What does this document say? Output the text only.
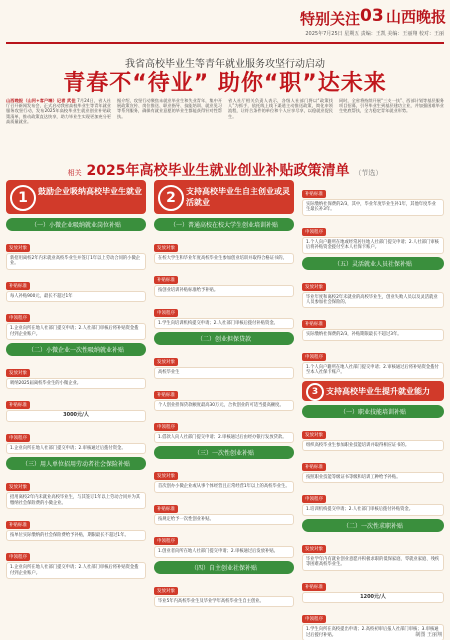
特别关注 03 山西晚报
2025年7月25日 星期五 责编：王凯 美编：王丽翔 校对：王丽
我省高校毕业生等青年就业服务攻坚行动启动
青春不“待业” 助你“职”达未来

山西晚报（山河+客户端）记者 武佳 7月24日，省人社厅召开新闻发布会，正式启动我省高校毕业生等青年就业服务攻坚行动，发布2025年高校毕业生就业创业补贴政策清单，推动政策直达快享，助力毕业生实现更加充分更高质量就业。

据介绍，攻坚行动聚焦未就业毕业生和失业青年，集中开展政策宣传、岗位推送、职业指导、技能培训、就业见习等系列服务，确保有就业意愿的毕业生都能获得针对性帮扶。

省人社厅相关负责人表示，各级人社部门将以“政策找人”为抓手，依托线上线下渠道主动推送政策，简化申领流程，让符合条件的单位和个人应享尽享，以稳就业促民生。

同时，全省将持续开展“三支一扶”、西部计划等基层服务项目招募，引导毕业生到基层建功立业，并加强困难毕业生兜底帮扶，全力稳定青年就业形势。

相关 2025年高校毕业生就业创业补贴政策清单 （节选）
1	鼓励企业吸纳高校毕业生就业
（一）小微企业吸纳就业岗位补贴
发放对象
新招用离校2年内未就业高校毕业生并签订1年以上劳动合同的小微企业。
补贴标准
每人补贴900元，最长不超过1年
申领程序
1.企业向所在地人社部门提交申请；2.人社部门审核后将补贴资金拨付到企业账户。
（二）小微企业一次性吸纳就业补贴
发放对象
吸纳2025届离校毕业生的小微企业。
补贴标准
3000元/人
申领程序
1.企业向所在地人社部门提交申请；2.审核通过后拨付资金。
（三）用人单位招用劳动者社会保险补贴
发放对象
招用离校2年内未就业高校毕业生，与其签订1年以上劳动合同并为其缴纳社会保险费的小微企业。
补贴标准
按单位实际缴纳的社会保险费给予补贴，期限最长不超过1年。
申领程序
1.企业向所在地人社部门提交申请；2.人社部门审核后将补贴资金拨付到企业账户。
2	支持高校毕业生自主创业或灵活就业
（一）普通高校在校大学生创业培训补贴
发放对象
在校大学生和毕业年度高校毕业生参加创业培训并取得合格证书的。
补贴标准
按创业培训补贴标准给予补贴。
申领程序
1.学生向培训机构提交申请；2.人社部门审核后拨付补贴资金。
（二）创业担保贷款
发放对象
高校毕业生
补贴标准
个人创业担保贷款额度最高30万元，合伙创业的可适当提高额度。
申领程序
1.借款人向人社部门提交申请；2.审核通过后由经办银行发放贷款。
（三）一次性创业补贴
发放对象
首次创办小微企业或从事个体经营且正常经营1年以上的高校毕业生。
补贴标准
按规定给予一次性创业补贴。
申领程序
1.创业者向所在地人社部门提交申请；2.审核通过后发放补贴。
（四）自主创业社保补贴
发放对象
毕业5年内高校毕业生及毕业学年高校毕业生自主创业。
补贴标准
实际缴纳社保费的2/3，其中，毕业年度毕业生补1年，其他年度毕业生最长补3年。
申领程序
1.个人向户籍所在地或经常居住地人社部门提交申请；2.人社部门审核后将补贴资金拨付至本人社保卡账户。
（五）灵活就业人员社保补贴
发放对象
毕业年度和离校2年未就业的高校毕业生，创业失败人员以及灵活就业人员参加社会保险的。
补贴标准
实际缴纳社保费的2/3，补贴期限最长不超过3年。
申领程序
1.个人向户籍所在地人社部门提交申请；2.审核通过后将补贴资金拨付至本人社保卡账户。
3 支持高校毕业生提升就业能力
（一）职业技能培训补贴
发放对象
组织高校毕业生参加职业技能培训并取得相应证书的。
补贴标准
按照职业技能等级证书等级和培训工种给予补贴。
申领程序
1.培训机构提交申请；2.人社部门审核后拨付补贴资金。
（二）一次性求职补贴
发放对象
毕业学年内有就业创业意愿并积极求职的低保家庭、零就业家庭、残疾等困难高校毕业生。
补贴标准
1200元/人
申领程序
1.学生向所在高校提出申请；2.高校初审后报人社部门审核；3.审核通过后拨付补贴。	制图 王丽翔
